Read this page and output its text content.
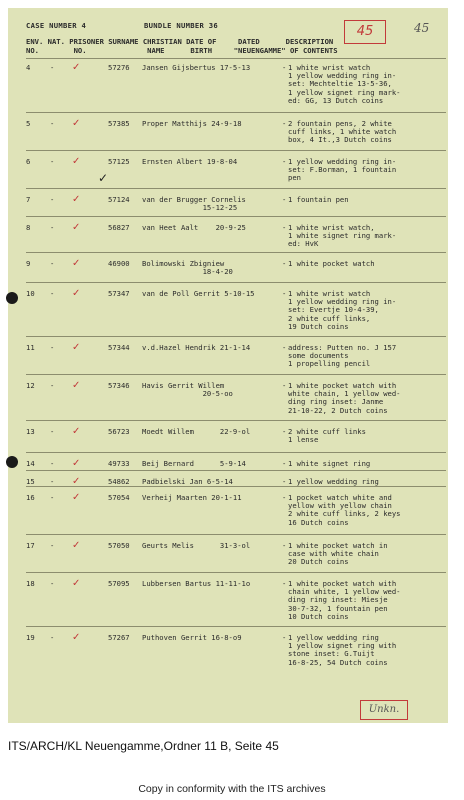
CASE NUMBER 4	BUNDLE NUMBER 36	45	45
ENV. NAT. PRISONER SURNAME CHRISTIAN DATE OF     DATED      DESCRIPTION
NO.        NO.              NAME      BIRTH     "NEUENGAMME" OF CONTENTS
✓
Unkn.
4	- ✓	57276 Jansen Gijsbertus 17-5-13	- 1 white wrist watch
1 yellow wedding ring in-
set: Mechteltie 13-5-36,
1 yellow signet ring mark-
ed: GG, 13 Dutch coins
5	- ✓	57385 Proper Matthijs 24-9-18	- 2 fountain pens, 2 white
cuff links, 1 white watch
box, 4 It.,3 Dutch coins
6	- ✓	57125 Ernsten Albert 19-8-04	- 1 yellow wedding ring in-
set: F.Borman, 1 fountain
pen
7	- ✓	57124 van der Brugger Cornelis
15-12-25
- 1 fountain pen
8	- ✓	56827 van Heet Aalt    20-9-25	- 1 white wrist watch,
1 white signet ring mark-
ed: HvK
9	- ✓	46900 Bolimowski Zbigniew
18-4-20
- 1 white pocket watch
10 - ✓	57347 van de Poll Gerrit 5-10-15	- 1 white wrist watch
1 yellow wedding ring in-
set: Evertje 10-4-39,
2 white cuff links,
19 Dutch coins
11 - ✓	57344 v.d.Hazel Hendrik 21-1-14	- address: Putten no. J 157
some documents
1 propelling pencil
12 - ✓	57346 Havis Gerrit Willem
20-5-oo
- 1 white pocket watch with
white chain, 1 yellow wed-
ding ring inset: Janme
21-10-22, 2 Dutch coins
13 - ✓	56723 Moedt Willem      22-9-ol	- 2 white cuff links
1 lense
14 - ✓	49733 Beij Bernard      5-9-14	- 1 white signet ring
15 - ✓	54862 Padbielski Jan 6-5-14	- 1 yellow wedding ring
16 - ✓	57054 Verheij Maarten 20-1-11	- 1 pocket watch white and
yellow with yellow chain
2 white cuff links, 2 keys
16 Dutch coins
17 - ✓	57050 Geurts Melis      31-3-ol	- 1 white pocket watch in
case with white chain
20 Dutch coins
18 - ✓	57095 Lubbersen Bartus 11-11-1o	- 1 white pocket watch with
chain white, 1 yellow wed-
ding ring inset: Miesje
30-7-32, 1 fountain pen
10 Dutch coins
19 - ✓	57267 Puthoven Gerrit 16-8-o9	- 1 yellow wedding ring
1 yellow signet ring with
stone inset: G.Tuijt
16-8-25, 54 Dutch coins
ITS/ARCH/KL Neuengamme,Ordner 11 B, Seite 45
Copy in conformity with the ITS archives
